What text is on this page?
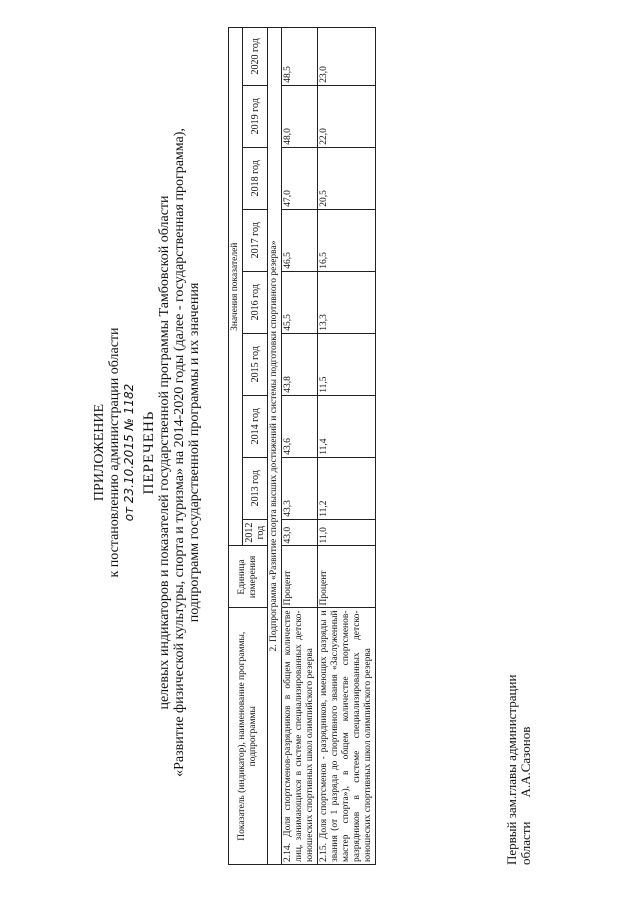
ПРИЛОЖЕНИЕ к постановлению администрации области от 23.10.2015 № 1182 ПЕРЕЧЕНЬ целевых индикаторов и показателей государственной программы Тамбовской области «Развитие физической культуры, спорта и туризма» на 2014-2020 годы (далее - государственная программа), подпрограмм государственной программы и их значения
Показатель (индикатор), наименование программы, подпрограммы	Единица измерения	Значения показателей								
		2012 год	2013 год	2014 год	2015 год	2016 год	2017 год	2018 год	2019 год	2020 год
2. Подпрограмма «Развитие спорта высших достижений и системы подготовки спортивного резерва»										
2.14. Доля спортсменов-разрядников в общем количестве лиц, занимающихся в системе специализированных детско-юношеских спортивных школ олимпийского резерва	Процент	43,0	43,3	43,6	43,8	45,5	46,5	47,0	48,0	48,5
2.15. Доля спортсменов - разрядников, имеющих разряды и звания (от 1 разряда до спортивного звания «Заслуженный мастер спорта»), в общем количестве спортсменов-разрядников в системе специализированных детско-юношеских спортивных школ олимпийского резерва	Процент	11,0	11,2	11,4	11,5	13,3	16,5	20,5	22,0	23,0
Первый зам.главы администрации области
А.А.Сазонов
